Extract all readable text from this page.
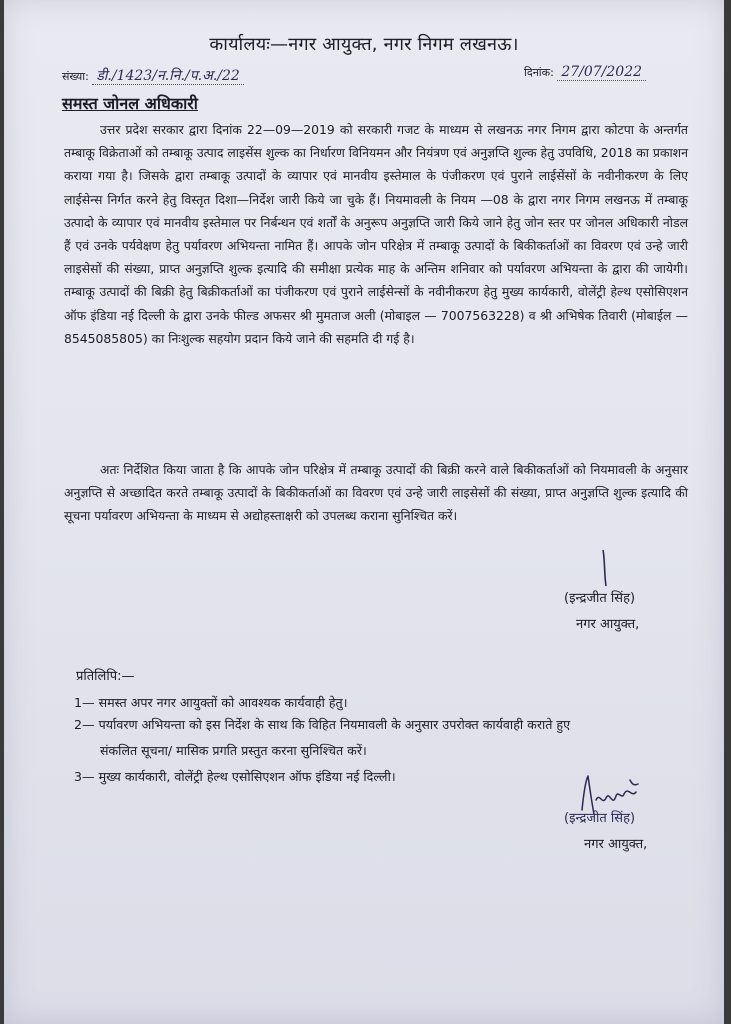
कार्यालयः—नगर आयुक्त, नगर निगम लखनऊ।
संख्या: डी./1423/न.नि./प.अ./22	दिनांक: 27/07/2022
समस्त जोनल अधिकारी

उत्तर प्रदेश सरकार द्वारा दिनांक 22—09—2019 को सरकारी गजट के माध्यम से लखनऊ नगर निगम द्वारा कोटपा के अन्तर्गत तम्बाकू विक्रेताओं को तम्बाकू उत्पाद लाइसेंस शुल्क का निर्धारण विनियमन और नियंत्रण एवं अनुज्ञप्ति शुल्क हेतु उपविधि, 2018 का प्रकाशन कराया गया है। जिसके द्वारा तम्बाकू उत्पादों के व्यापार एवं मानवीय इस्तेमाल के पंजीकरण एवं पुराने लाईसेंसों के नवीनीकरण के लिए लाईसेन्स निर्गत करने हेतु विस्तृत दिशा—निर्देश जारी किये जा चुके हैं। नियमावली के नियम —08 के द्वारा नगर निगम लखनऊ में तम्बाकू उत्पादो के व्यापार एवं मानवीय इस्तेमाल पर निर्बन्धन एवं शर्तों के अनुरूप अनुज्ञप्ति जारी किये जाने हेतु जोन स्तर पर जोनल अधिकारी नोडल हैं एवं उनके पर्यवेक्षण हेतु पर्यावरण अभियन्ता नामित हैं। आपके जोन परिक्षेत्र में तम्बाकू उत्पादों के बिकीकर्ताओं का विवरण एवं उन्हे जारी लाइसेसों की संख्या, प्राप्त अनुज्ञप्ति शुल्क इत्यादि की समीक्षा प्रत्येक माह के अन्तिम शनिवार को पर्यावरण अभियन्ता के द्वारा की जायेगी। तम्बाकू उत्पादों की बिक्री हेतु बिक्रीकर्ताओं का पंजीकरण एवं पुराने लाईसेन्सों के नवीनीकरण हेतु मुख्य कार्यकारी, वोलेंट्री हेल्थ एसोसिएशन ऑफ इंडिया नई दिल्ली के द्वारा उनके फील्ड अफसर श्री मुमताज अली (मोबाइल — 7007563228) व श्री अभिषेक तिवारी (मोबाईल — 8545085805) का निःशुल्क सहयोग प्रदान किये जाने की सहमति दी गई है।

अतः निर्देशित किया जाता है कि आपके जोन परिक्षेत्र में तम्बाकू उत्पादों की बिक्री करने वाले बिकीकर्ताओं को नियमावली के अनुसार अनुज्ञप्ति से अच्छादित करते तम्बाकू उत्पादों के बिकीकर्ताओं का विवरण एवं उन्हे जारी लाइसेसों की संख्या, प्राप्त अनुज्ञप्ति शुल्क इत्यादि की सूचना पर्यावरण अभियन्ता के माध्यम से अद्योहस्ताक्षरी को उपलब्ध कराना सुनिश्चित करें।

(इन्द्रजीत सिंह)
नगर आयुक्त,
प्रतिलिपि:—
1— समस्त अपर नगर आयुक्तों को आवश्यक कार्यवाही हेतु।
2— पर्यावरण अभियन्ता को इस निर्देश के साथ कि विहित नियमावली के अनुसार उपरोक्त कार्यवाही कराते हुए
संकलित सूचना/ मासिक प्रगति प्रस्तुत करना सुनिश्चित करें।
3— मुख्य कार्यकारी, वोलेंट्री हेल्थ एसोसिएशन ऑफ इंडिया नई दिल्ली।
(इन्द्रजीत सिंह)
नगर आयुक्त,
